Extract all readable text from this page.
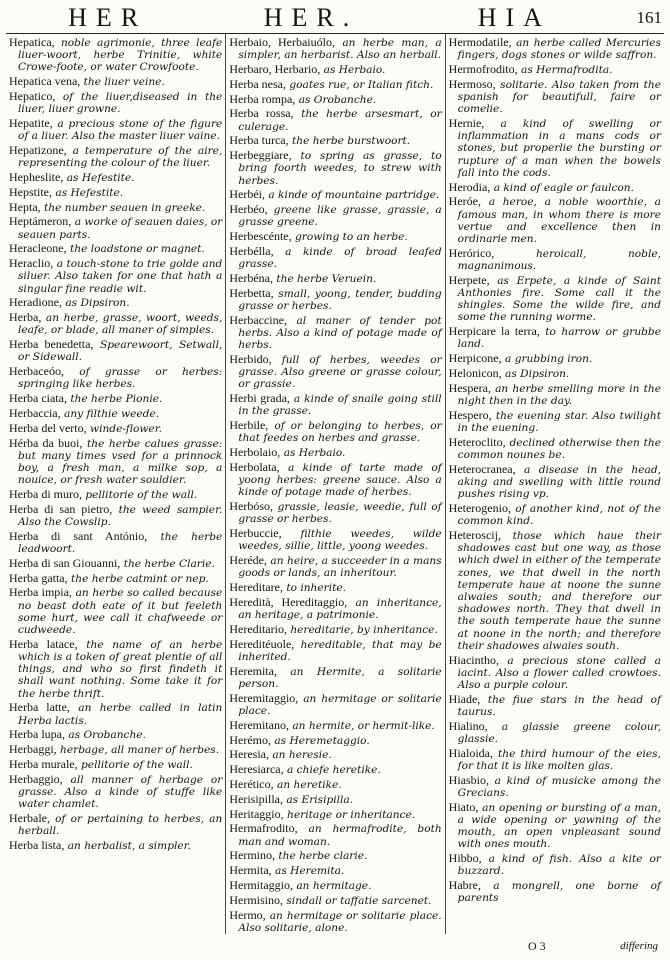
HER	HER.	HIA	161

Hepatica, noble agrimonie, three leafe liuer-woort, herbe Trinitie, white Crowe-foote, or water Crowfoote.

Hepatica vena, the liuer veine.

Hepatico, of the liuer,diseased in the liuer, liuer growne.

Hepatite, a precious stone of the figure of a liuer. Also the master liuer vaine.

Hepatizone, a temperature of the aire, representing the colour of the liuer.

Hepheslite, as Hefestite.

Hepstite, as Hefestite.

Hepta, the number seauen in greeke.

Heptámeron, a worke of seauen daies, or seauen parts.

Heracleone, the loadstone or magnet.

Heraclio, a touch-stone to trie golde and siluer. Also taken for one that hath a singular fine readie wit.

Heradione, as Dipsiron.

Herba, an herbe, grasse, woort, weeds, leafe, or blade, all maner of simples.

Herba benedetta, Spearewoort, Setwall, or Sidewall.

Herbaceóo, of grasse or herbes: springing like herbes.

Herba ciata, the herbe Pionie.

Herbaccia, any filthie weede.

Herba del verto, winde-flower.

Hérba da buoi, the herbe calues grasse: but many times vsed for a prinnock boy, a fresh man, a milke sop, a nouice, or fresh water souldier.

Herba di muro, pellitorie of the wall.

Herba di san pietro, the weed sampier. Also the Cowslip.

Herba di sant António, the herbe leadwoort.

Herba di san Giouanni, the herbe Clarie.

Herba gatta, the herbe catmint or nep.

Herba impia, an herbe so called because no beast doth eate of it but feeleth some hurt, wee call it chafweede or cudweede.

Herba latace, the name of an herbe which is a token of great plentie of all things, and who so first findeth it shall want nothing. Some take it for the herbe thrift.

Herba latte, an herbe called in latin Herba lactis.

Herba lupa, as Orobanche.

Herbaggi, herbage, all maner of herbes.

Herba murale, pellitorie of the wall.

Herbaggio, all manner of herbage or grasse. Also a kinde of stuffe like water chamlet.

Herbale, of or pertaining to herbes, an herball.

Herba lista, an herbalist, a simpler.

Herbaio, Herbaiuólo, an herbe man, a simpler, an herbarist. Also an herball.

Herbaro, Herbario, as Herbaio.

Herba nesa, goates rue, or Italian fitch.

Herba rompa, as Orobanche.

Herba rossa, the herbe arsesmart, or culerage.

Herba turca, the herbe burstwoort.

Herbeggiare, to spring as grasse, to bring foorth weedes, to strew with herbes.

Herbéi, a kinde of mountaine partridge.

Herbéo, greene like grasse, grassie, a grasse greene.

Herbescénte, growing to an herbe.

Herbélla, a kinde of broad leafed grasse.

Herbéna, the herbe Veruein.

Herbetta, small, yoong, tender, budding grasse or herbes.

Herbaccine, al maner of tender pot herbs. Also a kind of potage made of herbs.

Herbido, full of herbes, weedes or grasse. Also greene or grasse colour, or grassie.

Herbi grada, a kinde of snaile going still in the grasse.

Herbile, of or belonging to herbes, or that feedes on herbes and grasse.

Herbolaio, as Herbaio.

Herbolata, a kinde of tarte made of yoong herbes: greene sauce. Also a kinde of potage made of herbes.

Herbóso, grassie, leasie, weedie, full of grasse or herbes.

Herbuccie, filthie weedes, wilde weedes, sillie, little, yoong weedes.

Heréde, an heire, a succeeder in a mans goods or lands, an inheritour.

Hereditare, to inherite.

Heredità, Hereditaggio, an inheritance, an heritage, a patrimonie.

Hereditario, hereditarie, by inheritance.

Hereditéuole, hereditable, that may be inherited.

Heremita, an Hermite, a solitarie person.

Heremitaggio, an hermitage or solitarie place.

Heremitano, an hermite, or hermit-like.

Herémo, as Heremetaggio.

Heresia, an heresie.

Heresiarca, a chiefe heretike.

Herético, an heretike.

Herisipilla, as Erisipilla.

Heritaggio, heritage or inheritance.

Hermafrodito, an hermafrodite, both man and woman.

Hermino, the herbe clarie.

Hermita, as Heremita.

Hermitaggio, an hermitage.

Hermisino, sindall or taffatie sarcenet.

Hermo, an hermitage or solitarie place. Also solitarie, alone.

Hermodatile, an herbe called Mercuries fingers, dogs stones or wilde saffron.

Hermofrodito, as Hermafrodita.

Hermoso, solitarie. Also taken from the spanish for beautifull, faire or comelie.

Hernie, a kind of swelling or inflammation in a mans cods or stones, but properlie the bursting or rupture of a man when the bowels fall into the cods.

Herodia, a kind of eagle or faulcon.

Heróe, a heroe, a noble woorthie, a famous man, in whom there is more vertue and excellence then in ordinarie men.

Herórico,	heroicall, noble, magnanimous.

Herpete, as Erpete, a kinde of Saint Anthonies fire. Some call it the shingles. Some the wilde fire, and some the running worme.

Herpicare la terra, to harrow or grubbe land.

Herpicone, a grubbing iron.

Helonicon, as Dipsiron.

Hespera, an herbe smelling more in the night then in the day.

Hespero, the euening star. Also twilight in the euening.

Heteroclito, declined otherwise then the common nounes be.

Heterocranea, a disease in the head, aking and swelling with little round pushes rising vp.

Heterogenio, of another kind, not of the common kind.

Heteroscij, those which haue their shadowes cast but one way, as those which dwel in either of the temperate zones, we that dwell in the north temperate haue at noone the sunne alwaies south; and therefore our shadowes north. They that dwell in the south temperate haue the sunne at noone in the north; and therefore their shadowes alwaies south.

Hiacintho, a precious stone called a iacint. Also a flower called crowtoes. Also a purple colour.

Hiade, the fiue stars in the head of taurus.

Hialino, a glassie greene colour, glassie.

Hialoida, the third humour of the eies, for that it is like molten glas.

Hiasbio, a kind of musicke among the Grecians.

Hiato, an opening or bursting of a man, a wide opening or yawning of the mouth, an open vnpleasant sound with ones mouth.

Hibbo, a kind of fish. Also a kite or buzzard.

Habre, a mongrell, one borne of parents

O 3	differing
